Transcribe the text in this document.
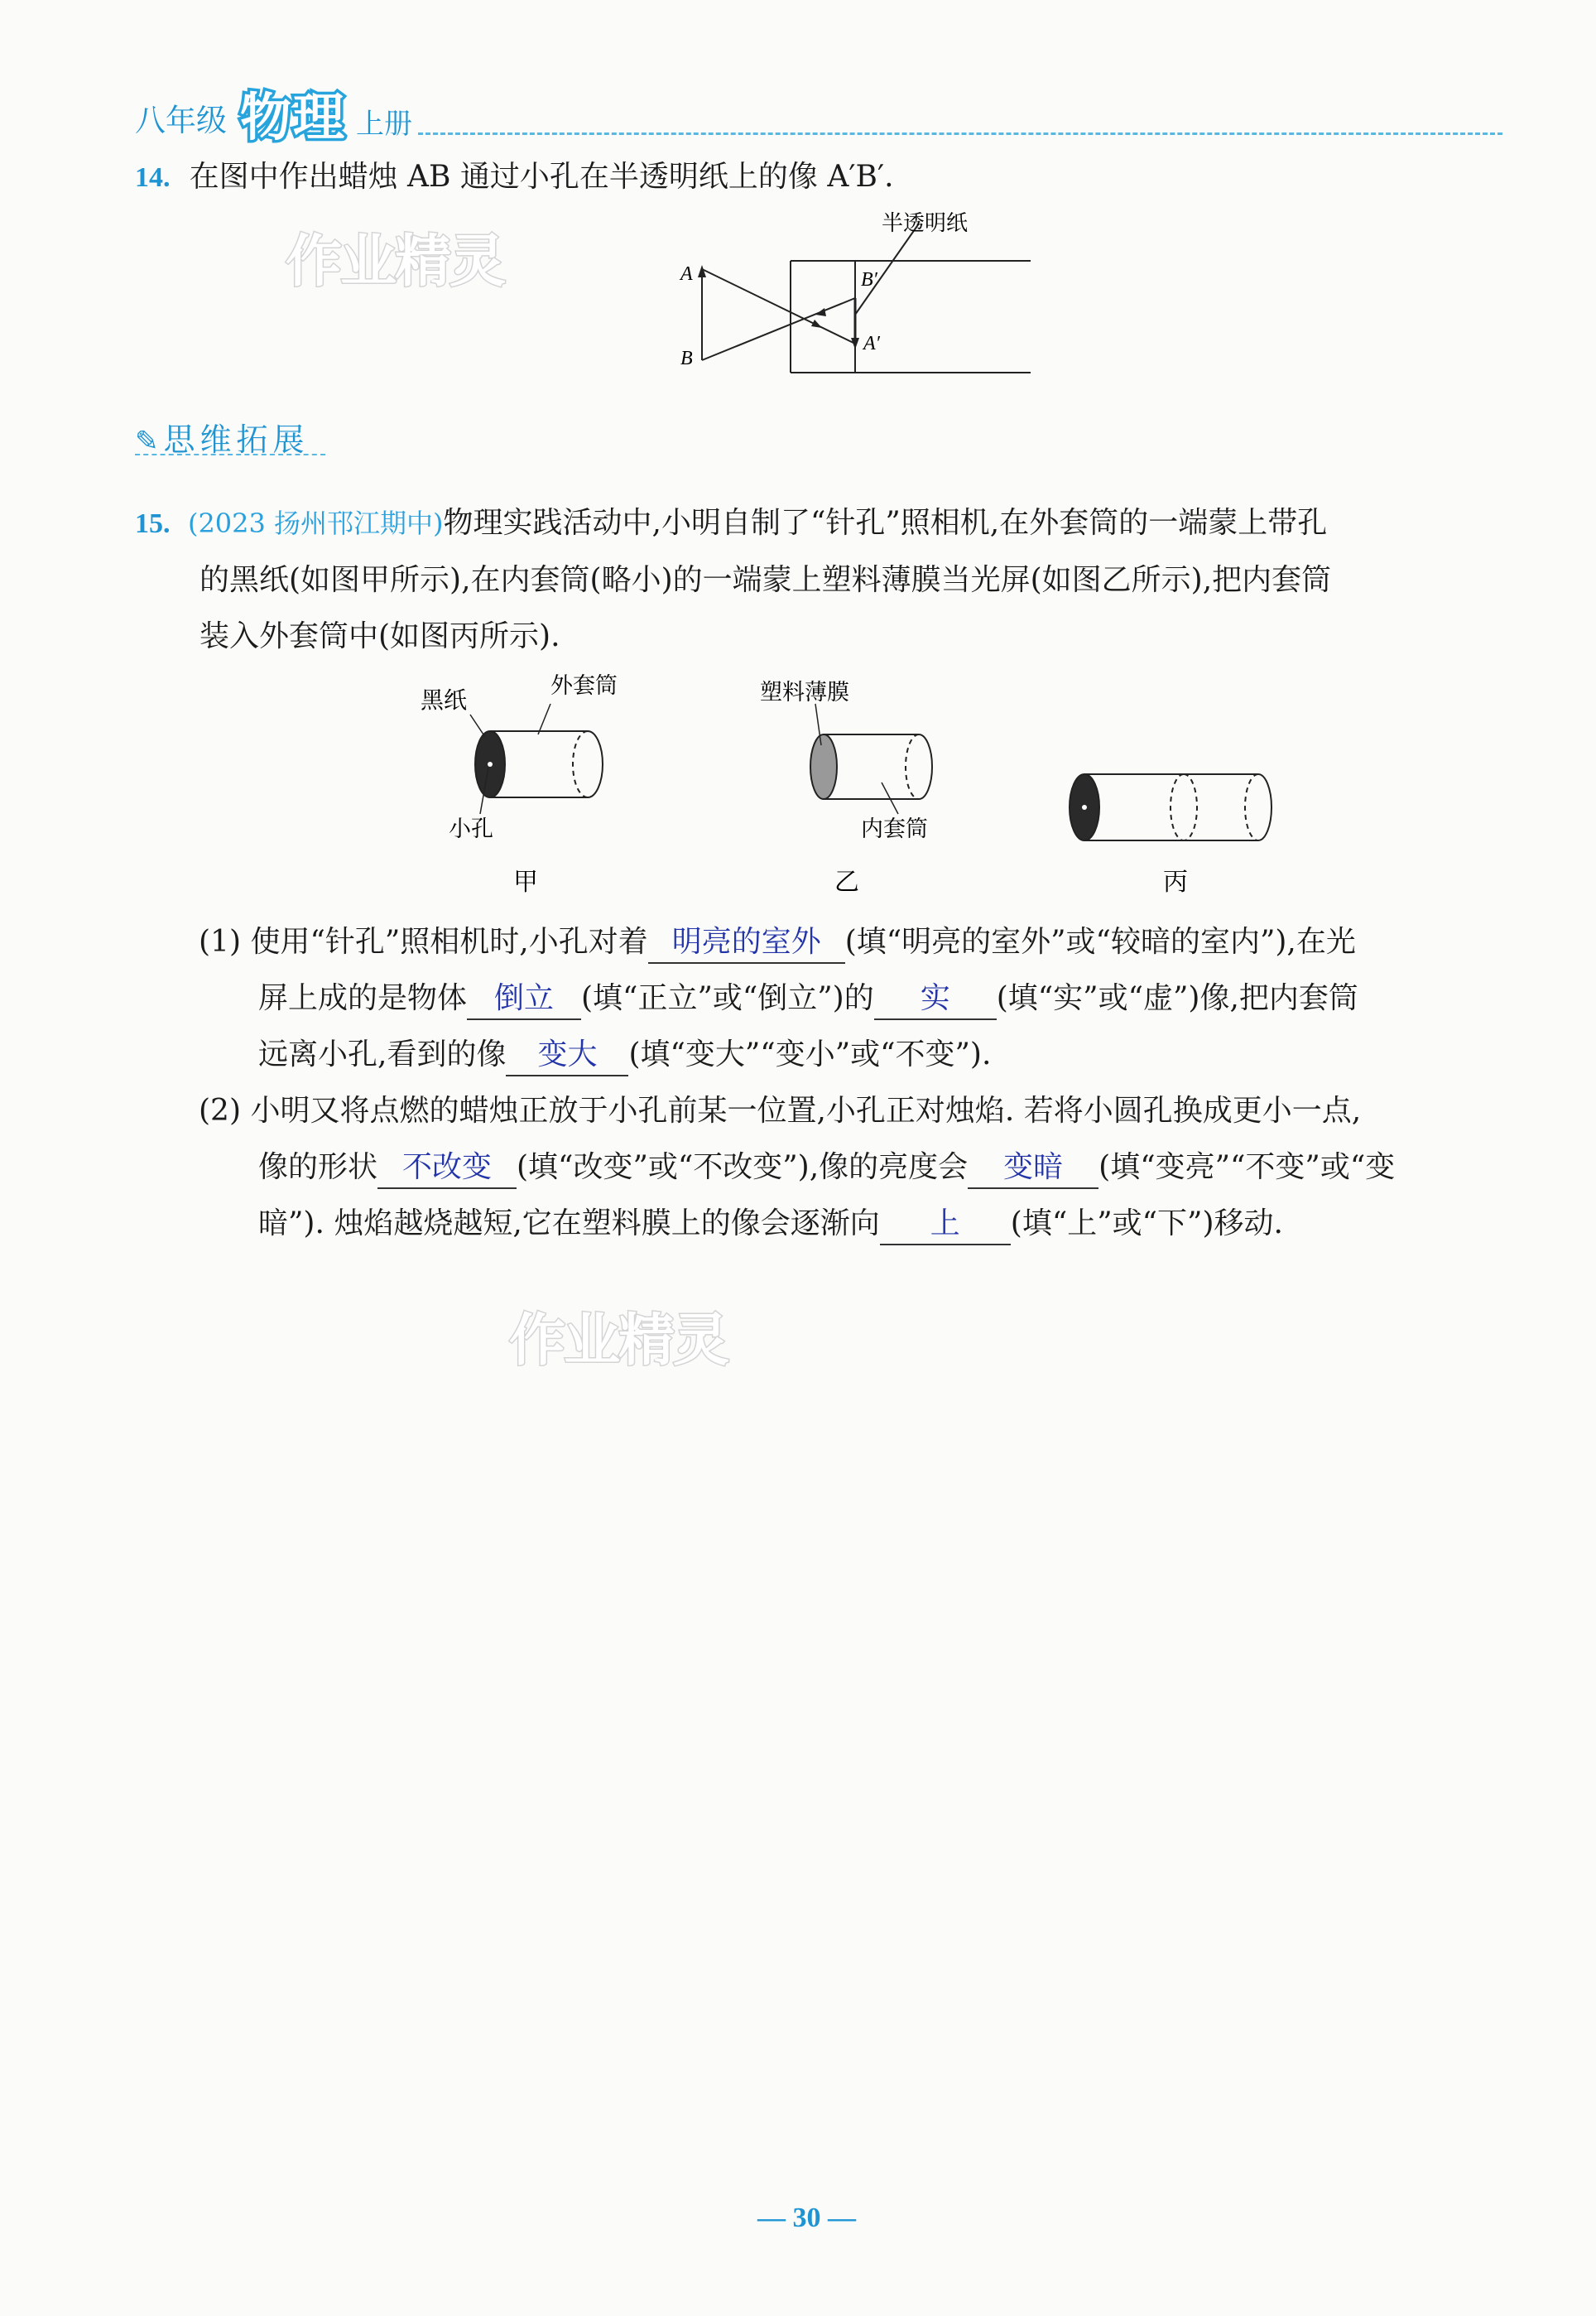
八年级 物理 上册
14. 在图中作出蜡烛 AB 通过小孔在半透明纸上的像 A′B′.
作业精灵
半透明纸
A
B
B′
A′
✎思维拓展
15. (2023 扬州邗江期中)物理实践活动中,小明自制了“针孔”照相机,在外套筒的一端蒙上带孔
的黑纸(如图甲所示),在内套筒(略小)的一端蒙上塑料薄膜当光屏(如图乙所示),把内套筒
装入外套筒中(如图丙所示).
黑纸
外套筒
小孔
甲
塑料薄膜
内套筒
乙	丙
(1) 使用“针孔”照相机时,小孔对着 明亮的室外 (填“明亮的室外”或“较暗的室内”),在光
屏上成的是物体 倒立 (填“正立”或“倒立”)的 实 (填“实”或“虚”)像,把内套筒
远离小孔,看到的像 变大 (填“变大”“变小”或“不变”).
(2) 小明又将点燃的蜡烛正放于小孔前某一位置,小孔正对烛焰. 若将小圆孔换成更小一点,
像的形状 不改变 (填“改变”或“不改变”),像的亮度会 变暗 (填“变亮”“不变”或“变
暗”). 烛焰越烧越短,它在塑料膜上的像会逐渐向 上 (填“上”或“下”)移动.
作业精灵
— 30 —
